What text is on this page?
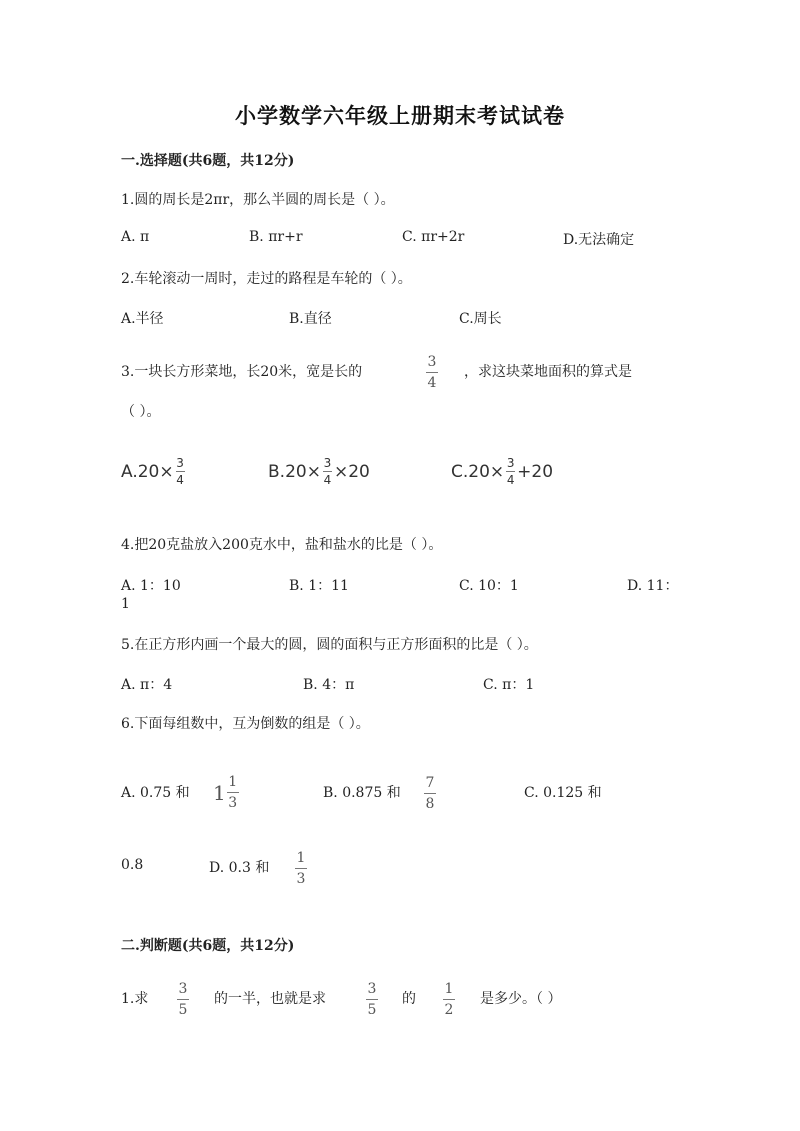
小学数学六年级上册期末考试试卷
一.选择题(共6题，共12分)
1.圆的周长是2πr，那么半圆的周长是（ ）。
A. π	B. πr+r	C. πr+2r	D.无法确定
2.车轮滚动一周时，走过的路程是车轮的（ ）。
A.半径	B.直径	C.周长
3.一块长方形菜地，长20米，宽是长的
3
4
，求这块菜地面积的算式是
（ ）。
A. $20\times \frac{3}{4}$	B. $20\times \frac{3}{4} \times 20$	C. $20\times \frac{3}{4} +20$
4.把20克盐放入200克水中，盐和盐水的比是（ ）。
A. 1：10	B. 1：11	C. 10：1	D. 11：
1
5.在正方形内画一个最大的圆，圆的面积与正方形面积的比是（ ）。
A. π：4	B. 4：π	C. π：1
6.下面每组数中，互为倒数的组是（ ）。
A. 0.75 和 $1 \frac{1}{3}$	B. 0.875 和
7
8
C. 0.125 和
0.8	D. 0.3 和
1
3
二.判断题(共6题，共12分)
1.求
3
5
的一半，也就是求
3
5
的
1
2
是多少。（ ）
